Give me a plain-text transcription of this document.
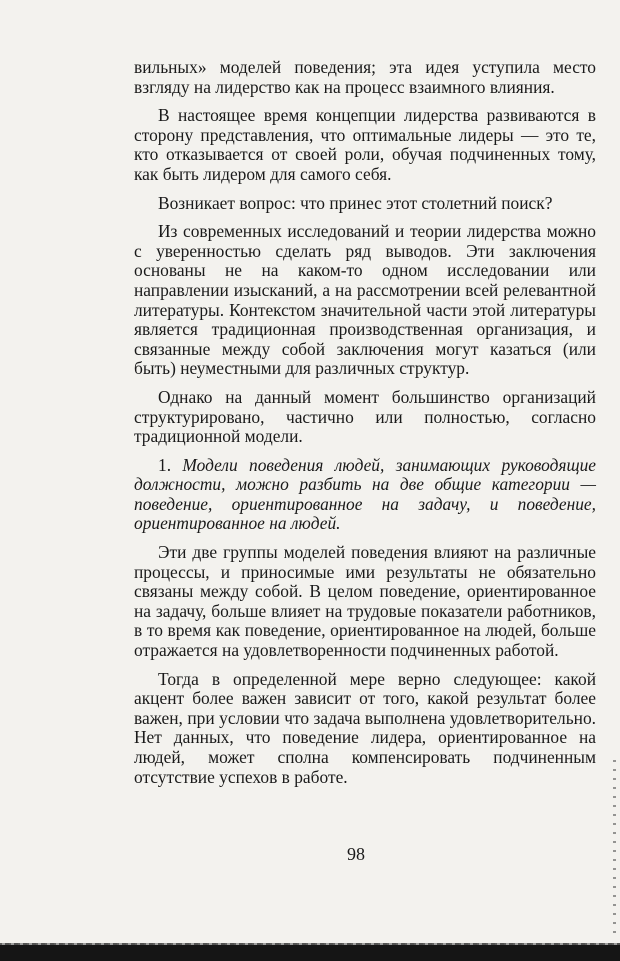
вильных» моделей поведения; эта идея уступила место взгляду на лидерство как на процесс взаимного влияния.

В настоящее время концепции лидерства развиваются в сторону представления, что оптимальные лидеры — это те, кто отказывается от своей роли, обучая подчиненных тому, как быть лидером для самого себя.

Возникает вопрос: что принес этот столетний поиск?

Из современных исследований и теории лидерства можно с уверенностью сделать ряд выводов. Эти заключения основаны не на каком-то одном исследовании или направлении изысканий, а на рассмотрении всей релевантной литературы. Контекстом значительной части этой литературы является традиционная производственная организация, и связанные между собой заключения могут казаться (или быть) неуместными для различных структур.

Однако на данный момент большинство организаций структурировано, частично или полностью, согласно традиционной модели.

1. Модели поведения людей, занимающих руководящие должности, можно разбить на две общие категории — поведение, ориентированное на задачу, и поведение, ориентированное на людей.

Эти две группы моделей поведения влияют на различные процессы, и приносимые ими результаты не обязательно связаны между собой. В целом поведение, ориентированное на задачу, больше влияет на трудовые показатели работников, в то время как поведение, ориентированное на людей, больше отражается на удовлетворенности подчиненных работой.

Тогда в определенной мере верно следующее: какой акцент более важен зависит от того, какой результат более важен, при условии что задача выполнена удовлетворительно. Нет данных, что поведение лидера, ориентированное на людей, может сполна компенсировать подчиненным отсутствие успехов в работе.

98
